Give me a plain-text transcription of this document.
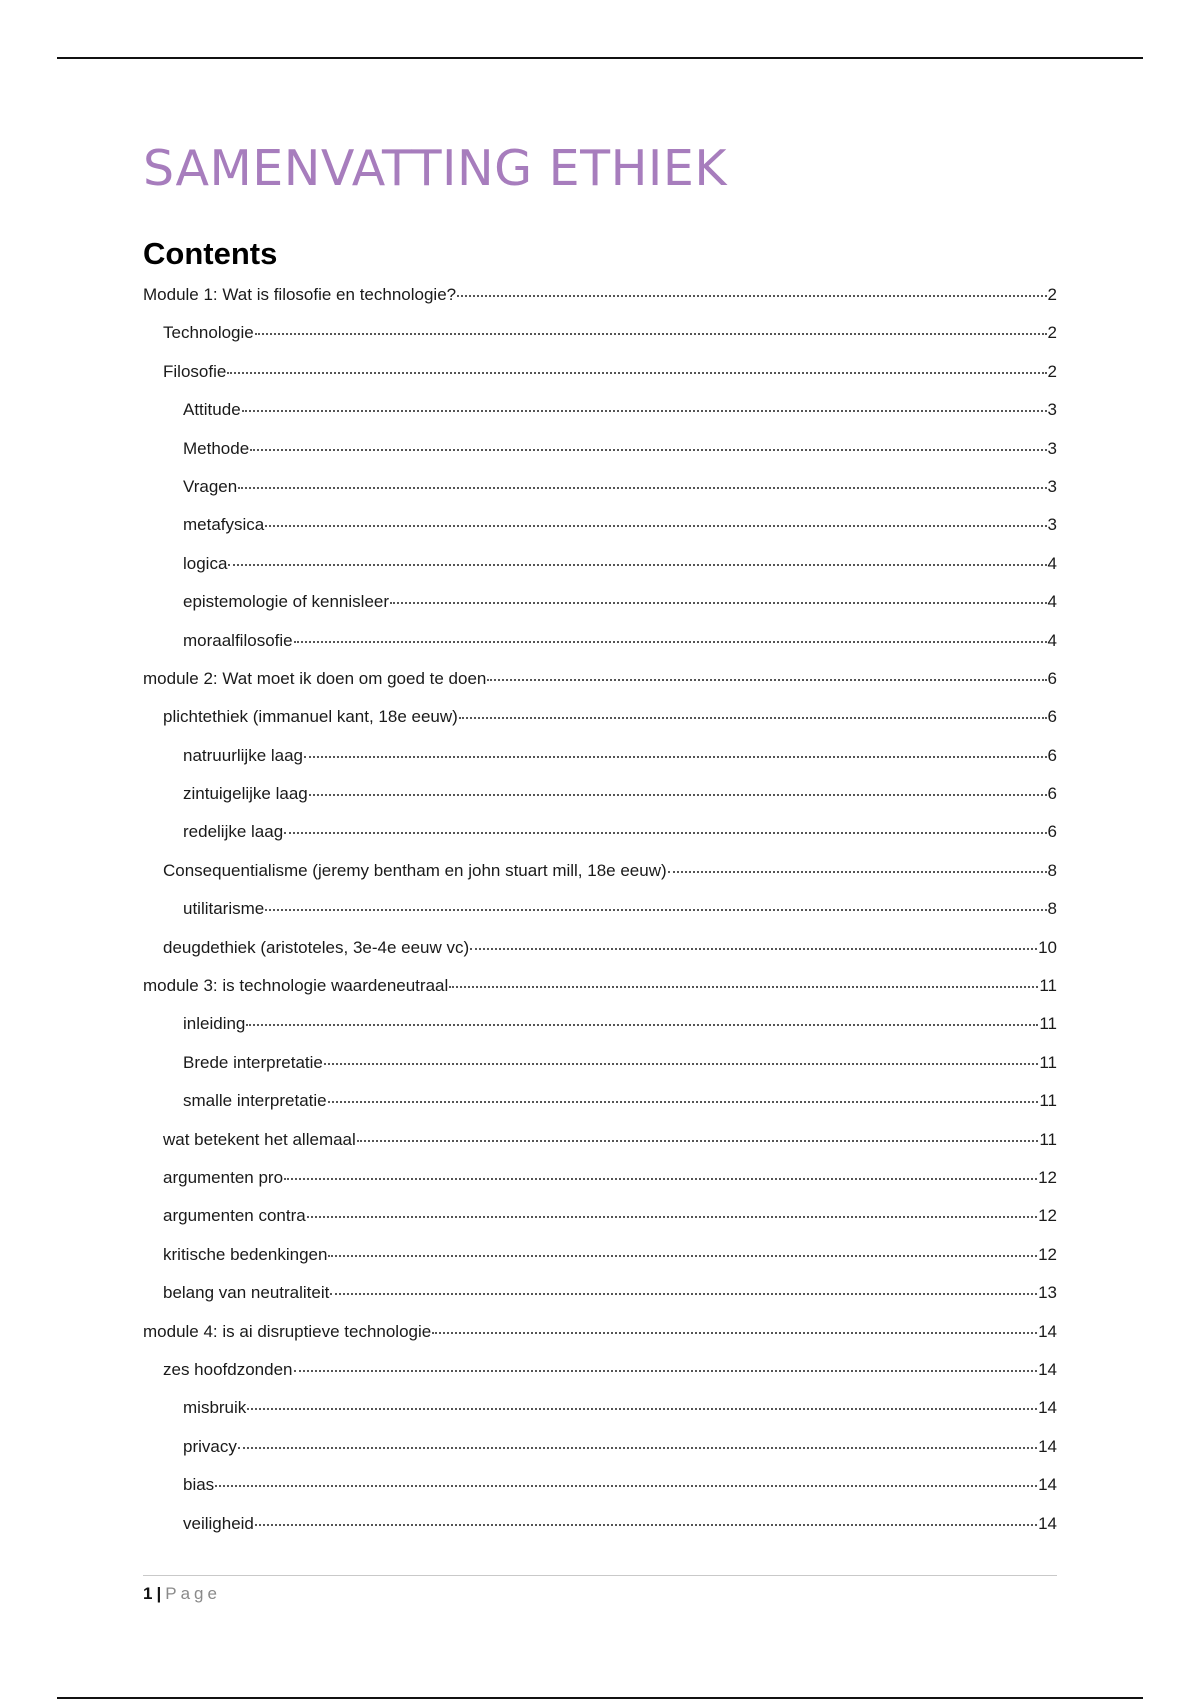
SAMENVATTING ETHIEK
Contents
Module 1: Wat is filosofie en technologie?	2
Technologie	2
Filosofie	2
Attitude	3
Methode	3
Vragen	3
metafysica	3
logica	4
epistemologie of kennisleer	4
moraalfilosofie	4
module 2: Wat moet ik doen om goed te doen	6
plichtethiek (immanuel kant, 18e eeuw)	6
natruurlijke laag	6
zintuigelijke laag	6
redelijke laag	6
Consequentialisme (jeremy bentham en john stuart mill, 18e eeuw)	8
utilitarisme	8
deugdethiek (aristoteles, 3e-4e eeuw vc)	10
module 3: is technologie waardeneutraal	11
inleiding	11
Brede interpretatie	11
smalle interpretatie	11
wat betekent het allemaal	11
argumenten pro	12
argumenten contra	12
kritische bedenkingen	12
belang van neutraliteit	13
module 4: is ai disruptieve technologie	14
zes hoofdzonden	14
misbruik	14
privacy	14
bias	14
veiligheid	14
1 | Page
